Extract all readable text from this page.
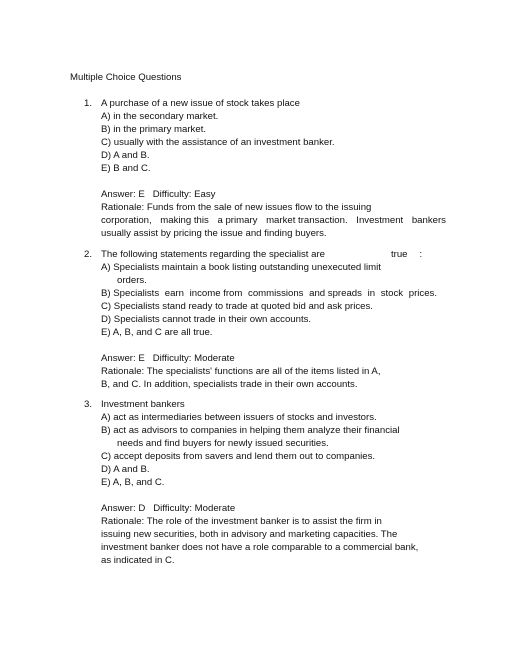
Multiple Choice Questions
1. A purchase of a new issue of stock takes place
A) in the secondary market.
B) in the primary market.
C) usually with the assistance of an investment banker.
D) A and B.
E) B and C.
Answer: E Difficulty: Easy
Rationale: Funds from the sale of new issues flow to the issuing
corporation, making this a primary market transaction. Investment bankers
usually assist by pricing the issue and finding buyers.
2. The following statements regarding the specialist are	true :
A) Specialists maintain a book listing outstanding unexecuted limit
orders.
B) Specialists earn income from commissions and spreads in stock prices.
C) Specialists stand ready to trade at quoted bid and ask prices.
D) Specialists cannot trade in their own accounts.
E) A, B, and C are all true.
Answer: E Difficulty: Moderate
Rationale: The specialists' functions are all of the items listed in A,
B, and C. In addition, specialists trade in their own accounts.
3. Investment bankers
A) act as intermediaries between issuers of stocks and investors.
B) act as advisors to companies in helping them analyze their financial
needs and find buyers for newly issued securities.
C) accept deposits from savers and lend them out to companies.
D) A and B.
E) A, B, and C.
Answer: D Difficulty: Moderate
Rationale: The role of the investment banker is to assist the firm in
issuing new securities, both in advisory and marketing capacities. The
investment banker does not have a role comparable to a commercial bank,
as indicated in C.
